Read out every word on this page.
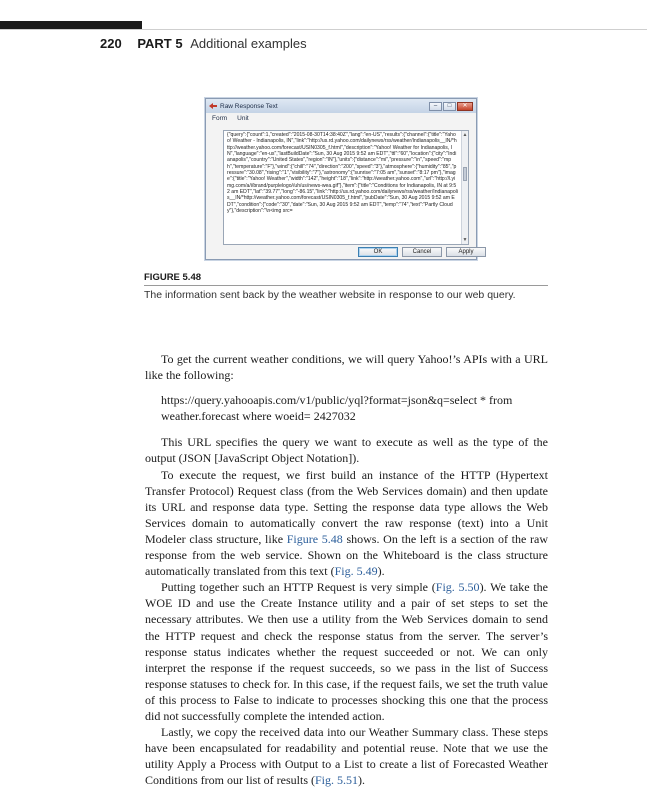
220 PART 5 Additional examples
Raw Response Text	–	□	✕
Form Unit
{"query":{"count":1,"created":"2015-08-30T14:38:40Z","lang":"en-US","results":{"channel":{"title":"Yahoo! Weather - Indianapolis, IN","link":"http://us.rd.yahoo.com/dailynews/rss/weather/Indianapolis__IN/*http://weather.yahoo.com/forecast/USIN0305_f.html","description":"Yahoo! Weather for Indianapolis, IN","language":"en-us","lastBuildDate":"Sun, 30 Aug 2015 9:52 am EDT","ttl":"60","location":{"city":"Indianapolis","country":"United States","region":"IN"},"units":{"distance":"mi","pressure":"in","speed":"mph","temperature":"F"},"wind":{"chill":"74","direction":"200","speed":"3"},"atmosphere":{"humidity":"85","pressure":"30.08","rising":"1","visibility":"7"},"astronomy":{"sunrise":"7:05 am","sunset":"8:17 pm"},"image":{"title":"Yahoo! Weather","width":"142","height":"18","link":"http://weather.yahoo.com","url":"http://l.yimg.com/a/i/brand/purplelogo//uh/us/news-wea.gif"},"item":{"title":"Conditions for Indianapolis, IN at 9:52 am EDT","lat":"39.77","long":"-86.15","link":"http://us.rd.yahoo.com/dailynews/rss/weather/Indianapolis__IN/*http://weather.yahoo.com/forecast/USIN0305_f.html","pubDate":"Sun, 30 Aug 2015 9:52 am EDT","condition":{"code":"30","date":"Sun, 30 Aug 2015 9:52 am EDT","temp":"74","text":"Partly Cloudy"},"description":"\n<img src=
▲
▼
OK	Cancel	Apply
FIGURE 5.48
The information sent back by the weather website in response to our web query.

To get the current weather conditions, we will query Yahoo!’s APIs with a URL like the following:

https://query.yahooapis.com/v1/public/yql?format=json&q=select * from weather.forecast where woeid= 2427032

This URL specifies the query we want to execute as well as the type of the output (JSON [JavaScript Object Notation]).

To execute the request, we first build an instance of the HTTP (Hypertext Transfer Protocol) Request class (from the Web Services domain) and then update its URL and response data type. Setting the response data type allows the Web Services domain to automatically convert the raw response (text) into a Unit Modeler class structure, like Figure 5.48 shows. On the left is a section of the raw response from the web service. Shown on the Whiteboard is the class structure automatically translated from this text (Fig. 5.49).

Putting together such an HTTP Request is very simple (Fig. 5.50). We take the WOE ID and use the Create Instance utility and a pair of set steps to set the necessary attributes. We then use a utility from the Web Services domain to send the HTTP request and check the response status from the server. The server’s response status indicates whether the request succeeded or not. We can only interpret the response if the request succeeds, so we pass in the list of Success response statuses to check for. In this case, if the request fails, we set the truth value of this process to False to indicate to processes shocking this one that the process did not successfully complete the intended action.

Lastly, we copy the received data into our Weather Summary class. These steps have been encapsulated for readability and potential reuse. Note that we use the utility Apply a Process with Output to a List to create a list of Forecasted Weather Conditions from our list of results (Fig. 5.51).
